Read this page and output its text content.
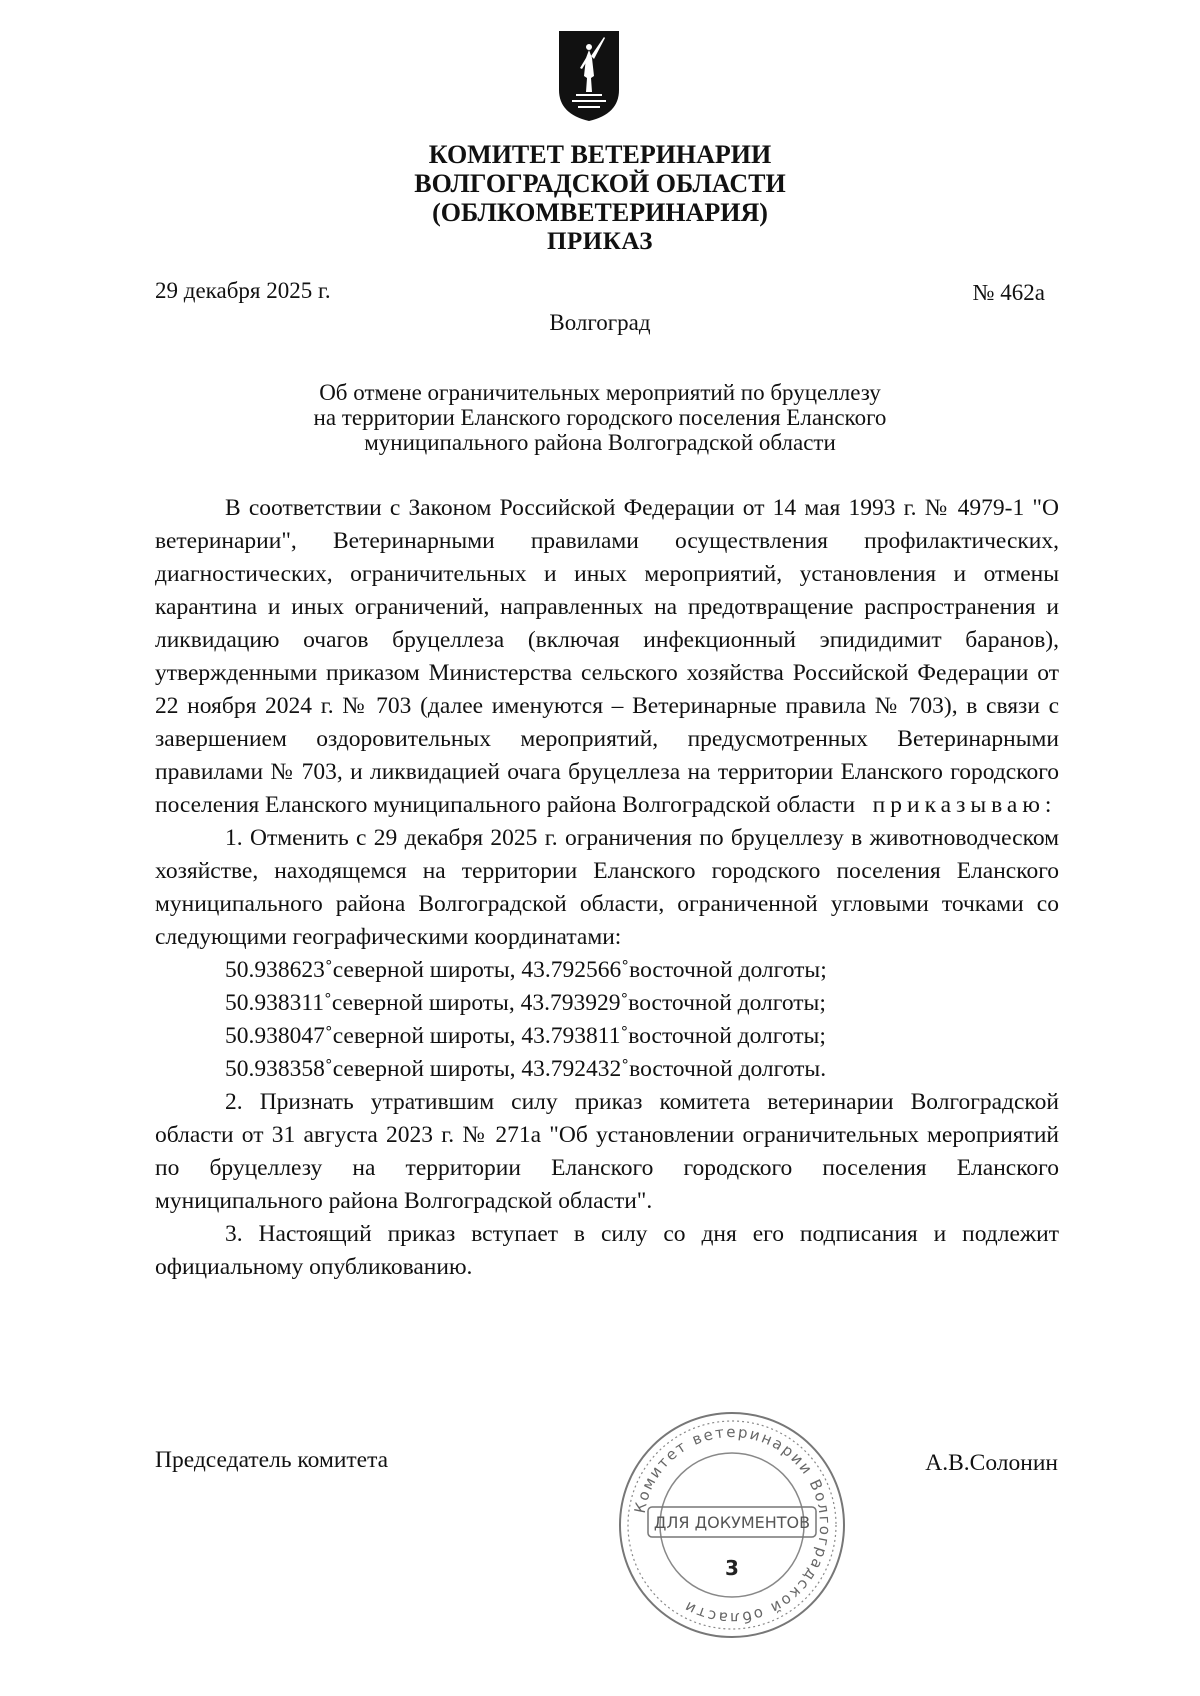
КОМИТЕТ ВЕТЕРИНАРИИ
ВОЛГОГРАДСКОЙ ОБЛАСТИ
(ОБЛКОМВЕТЕРИНАРИЯ)
ПРИКАЗ
29 декабря 2025 г.	№ 462а
Волгоград
Об отмене ограничительных мероприятий по бруцеллезу
на территории Еланского городского поселения Еланского
муниципального района Волгоградской области

В соответствии с Законом Российской Федерации от 14 мая 1993 г. № 4979-1 "О ветеринарии", Ветеринарными правилами осуществления профилактических, диагностических, ограничительных и иных мероприятий, установления и отмены карантина и иных ограничений, направленных на предотвращение распространения и ликвидацию очагов бруцеллеза (включая инфекционный эпидидимит баранов), утвержденными приказом Министерства сельского хозяйства Российской Федерации от 22 ноября 2024 г. № 703 (далее именуются – Ветеринарные правила № 703), в связи с завершением оздоровительных мероприятий, предусмотренных Ветеринарными правилами № 703, и ликвидацией очага бруцеллеза на территории Еланского городского поселения Еланского муниципального района Волгоградской области приказываю:

1. Отменить с 29 декабря 2025 г. ограничения по бруцеллезу в животноводческом хозяйстве, находящемся на территории Еланского городского поселения Еланского муниципального района Волгоградской области, ограниченной угловыми точками со следующими географическими координатами:

50.938623˚северной широты, 43.792566˚восточной долготы;
50.938311˚северной широты, 43.793929˚восточной долготы;
50.938047˚северной широты, 43.793811˚восточной долготы;
50.938358˚северной широты, 43.792432˚восточной долготы.

2. Признать утратившим силу приказ комитета ветеринарии Волгоградской области от 31 августа 2023 г. № 271а "Об установлении ограничительных мероприятий по бруцеллезу на территории Еланского городского поселения Еланского муниципального района Волгоградской области".

3. Настоящий приказ вступает в силу со дня его подписания и подлежит официальному опубликованию.

Председатель комитета	А.В.Солонин
Комитет ветеринарии Волгоградской области
ДЛЯ ДОКУМЕНТОВ
3
